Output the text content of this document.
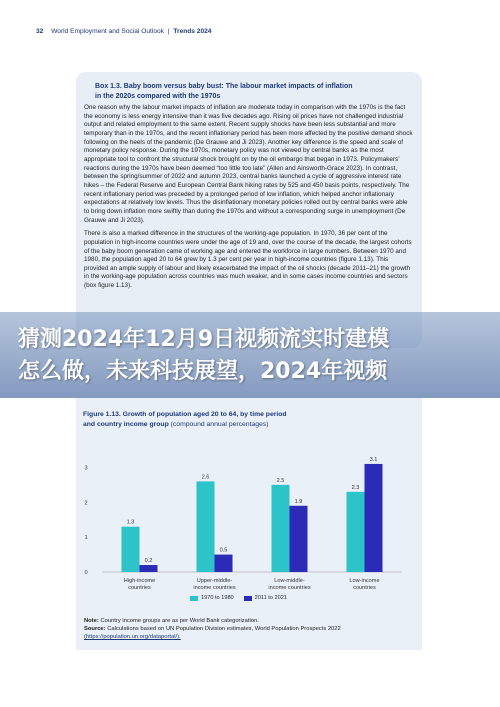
32 World Employment and Social Outlook | Trends 2024
Box 1.3. Baby boom versus baby bust: The labour market impacts of inflation
in the 2020s compared with the 1970s

One reason why the labour market impacts of inflation are moderate today in comparison with the 1970s is the fact the economy is less energy intensive than it was five decades ago. Rising oil prices have not challenged industrial output and related employment to the same extent. Recent supply shocks have been less substantial and more temporary than in the 1970s, and the recent inflationary period has been more affected by the positive demand shock following on the heels of the pandemic (De Grauwe and Ji 2023). Another key difference is the speed and scale of monetary policy response. During the 1970s, monetary policy was not viewed by central banks as the most appropriate tool to confront the structural shock brought on by the oil embargo that began in 1973. Policymakers’ reactions during the 1970s have been deemed “too little too late” (Allen and Ainsworth-Grace 2023). In contrast, between the spring/summer of 2022 and autumn 2023, central banks launched a cycle of aggressive interest rate hikes – the Federal Reserve and European Central Bank hiking rates by 525 and 450 basis points, respectively. The recent inflationary period was preceded by a prolonged period of low inflation, which helped anchor inflationary expectations at relatively low levels. Thus the disinflationary monetary policies rolled out by central banks were able to bring down inflation more swiftly than during the 1970s and without a corresponding surge in unemployment (De Grauwe and Ji 2023).

There is also a marked difference in the structures of the working-age population. In 1970, 36 per cent of the population in high-income countries were under the age of 19 and, over the course of the decade, the largest cohorts of the baby boom generation came of working age and entered the workforce in large numbers. Between 1970 and 1980, the population aged 20 to 64 grew by 1.3 per cent per year in high-income countries (figure 1.13). This provided an ample supply of labour and likely exacerbated the impact of the oil shocks (decade 2011–21) the growth in the working-age population across countries was much weaker, and in some cases income countries and sectors (box figure 1.13).

猜测2024年12月9日视频流实时建模
怎么做，未来科技展望，2024年视频
Figure 1.13. Growth of population aged 20 to 64, by time period
and country income group (compound annual percentages)
0
1
2
3
1.3
0.2
High-income
countries
2.6
0.5
Upper-middle-
income countries
2.5
1.9
Low-middle-
income countries
2.3
3.1
Low-income
countries
1970 to 1980	2011 to 2021
Note: Country income groups are as per World Bank categorization.
Source: Calculations based on UN Population Division estimates, World Population Prospects 2022
(https://population.un.org/dataportal/).
